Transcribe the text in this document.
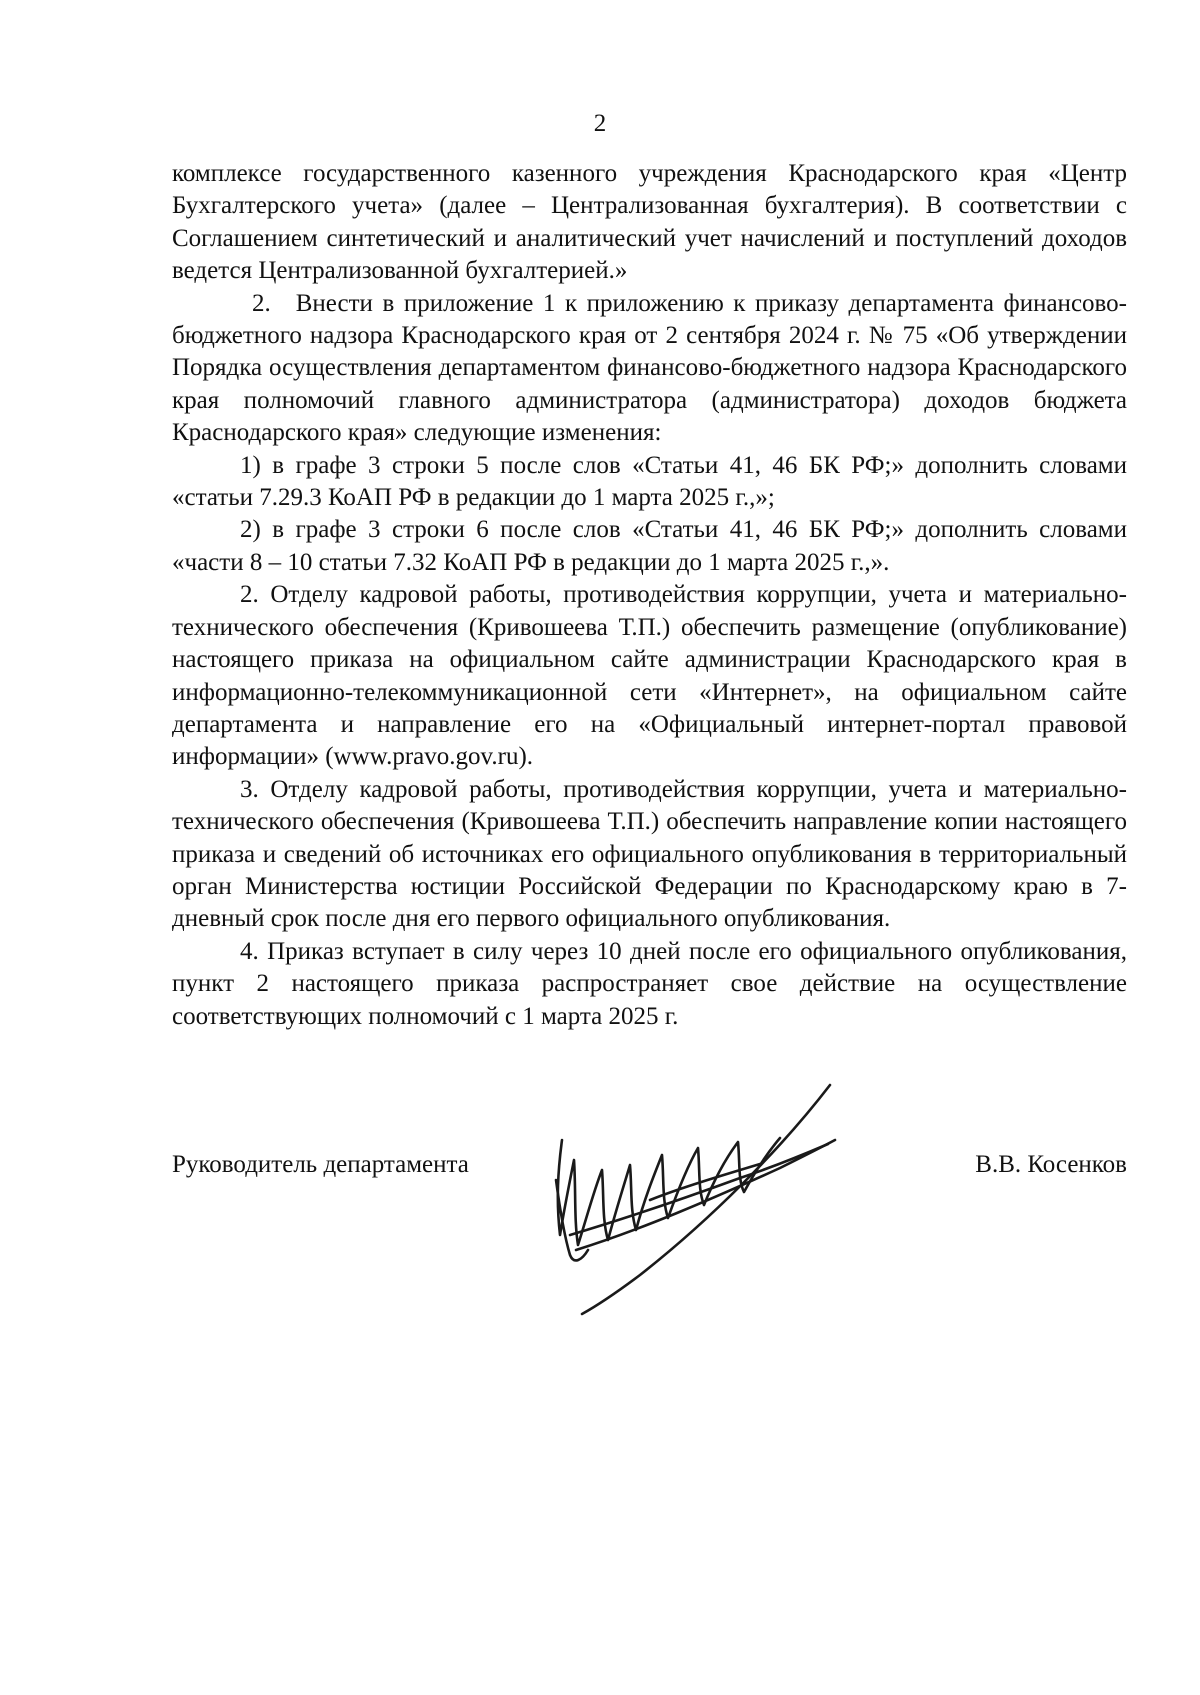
2

комплексе государственного казенного учреждения Краснодарского края «Центр Бухгалтерского учета» (далее – Централизованная бухгалтерия). В соответствии с Соглашением синтетический и аналитический учет начислений и поступлений доходов ведется Централизованной бухгалтерией.»

2. Внести в приложение 1 к приложению к приказу департамента финансово-бюджетного надзора Краснодарского края от 2 сентября 2024 г. № 75 «Об утверждении Порядка осуществления департаментом финансово-бюджетного надзора Краснодарского края полномочий главного администратора (администратора) доходов бюджета Краснодарского края» следующие изменения:

1) в графе 3 строки 5 после слов «Статьи 41, 46 БК РФ;» дополнить словами «статьи 7.29.3 КоАП РФ в редакции до 1 марта 2025 г.,»;

2) в графе 3 строки 6 после слов «Статьи 41, 46 БК РФ;» дополнить словами «части 8 – 10 статьи 7.32 КоАП РФ в редакции до 1 марта 2025 г.,».

2. Отделу кадровой работы, противодействия коррупции, учета и материально-технического обеспечения (Кривошеева Т.П.) обеспечить размещение (опубликование) настоящего приказа на официальном сайте администрации Краснодарского края в информационно-телекоммуникационной сети «Интернет», на официальном сайте департамента и направление его на «Официальный интернет-портал правовой информации» (www.pravo.gov.ru).

3. Отделу кадровой работы, противодействия коррупции, учета и материально-технического обеспечения (Кривошеева Т.П.) обеспечить направление копии настоящего приказа и сведений об источниках его официального опубликования в территориальный орган Министерства юстиции Российской Федерации по Краснодарскому краю в 7-дневный срок после дня его первого официального опубликования.

4. Приказ вступает в силу через 10 дней после его официального опубликования, пункт 2 настоящего приказа распространяет свое действие на осуществление соответствующих полномочий с 1 марта 2025 г.

Руководитель департамента	В.В. Косенков
